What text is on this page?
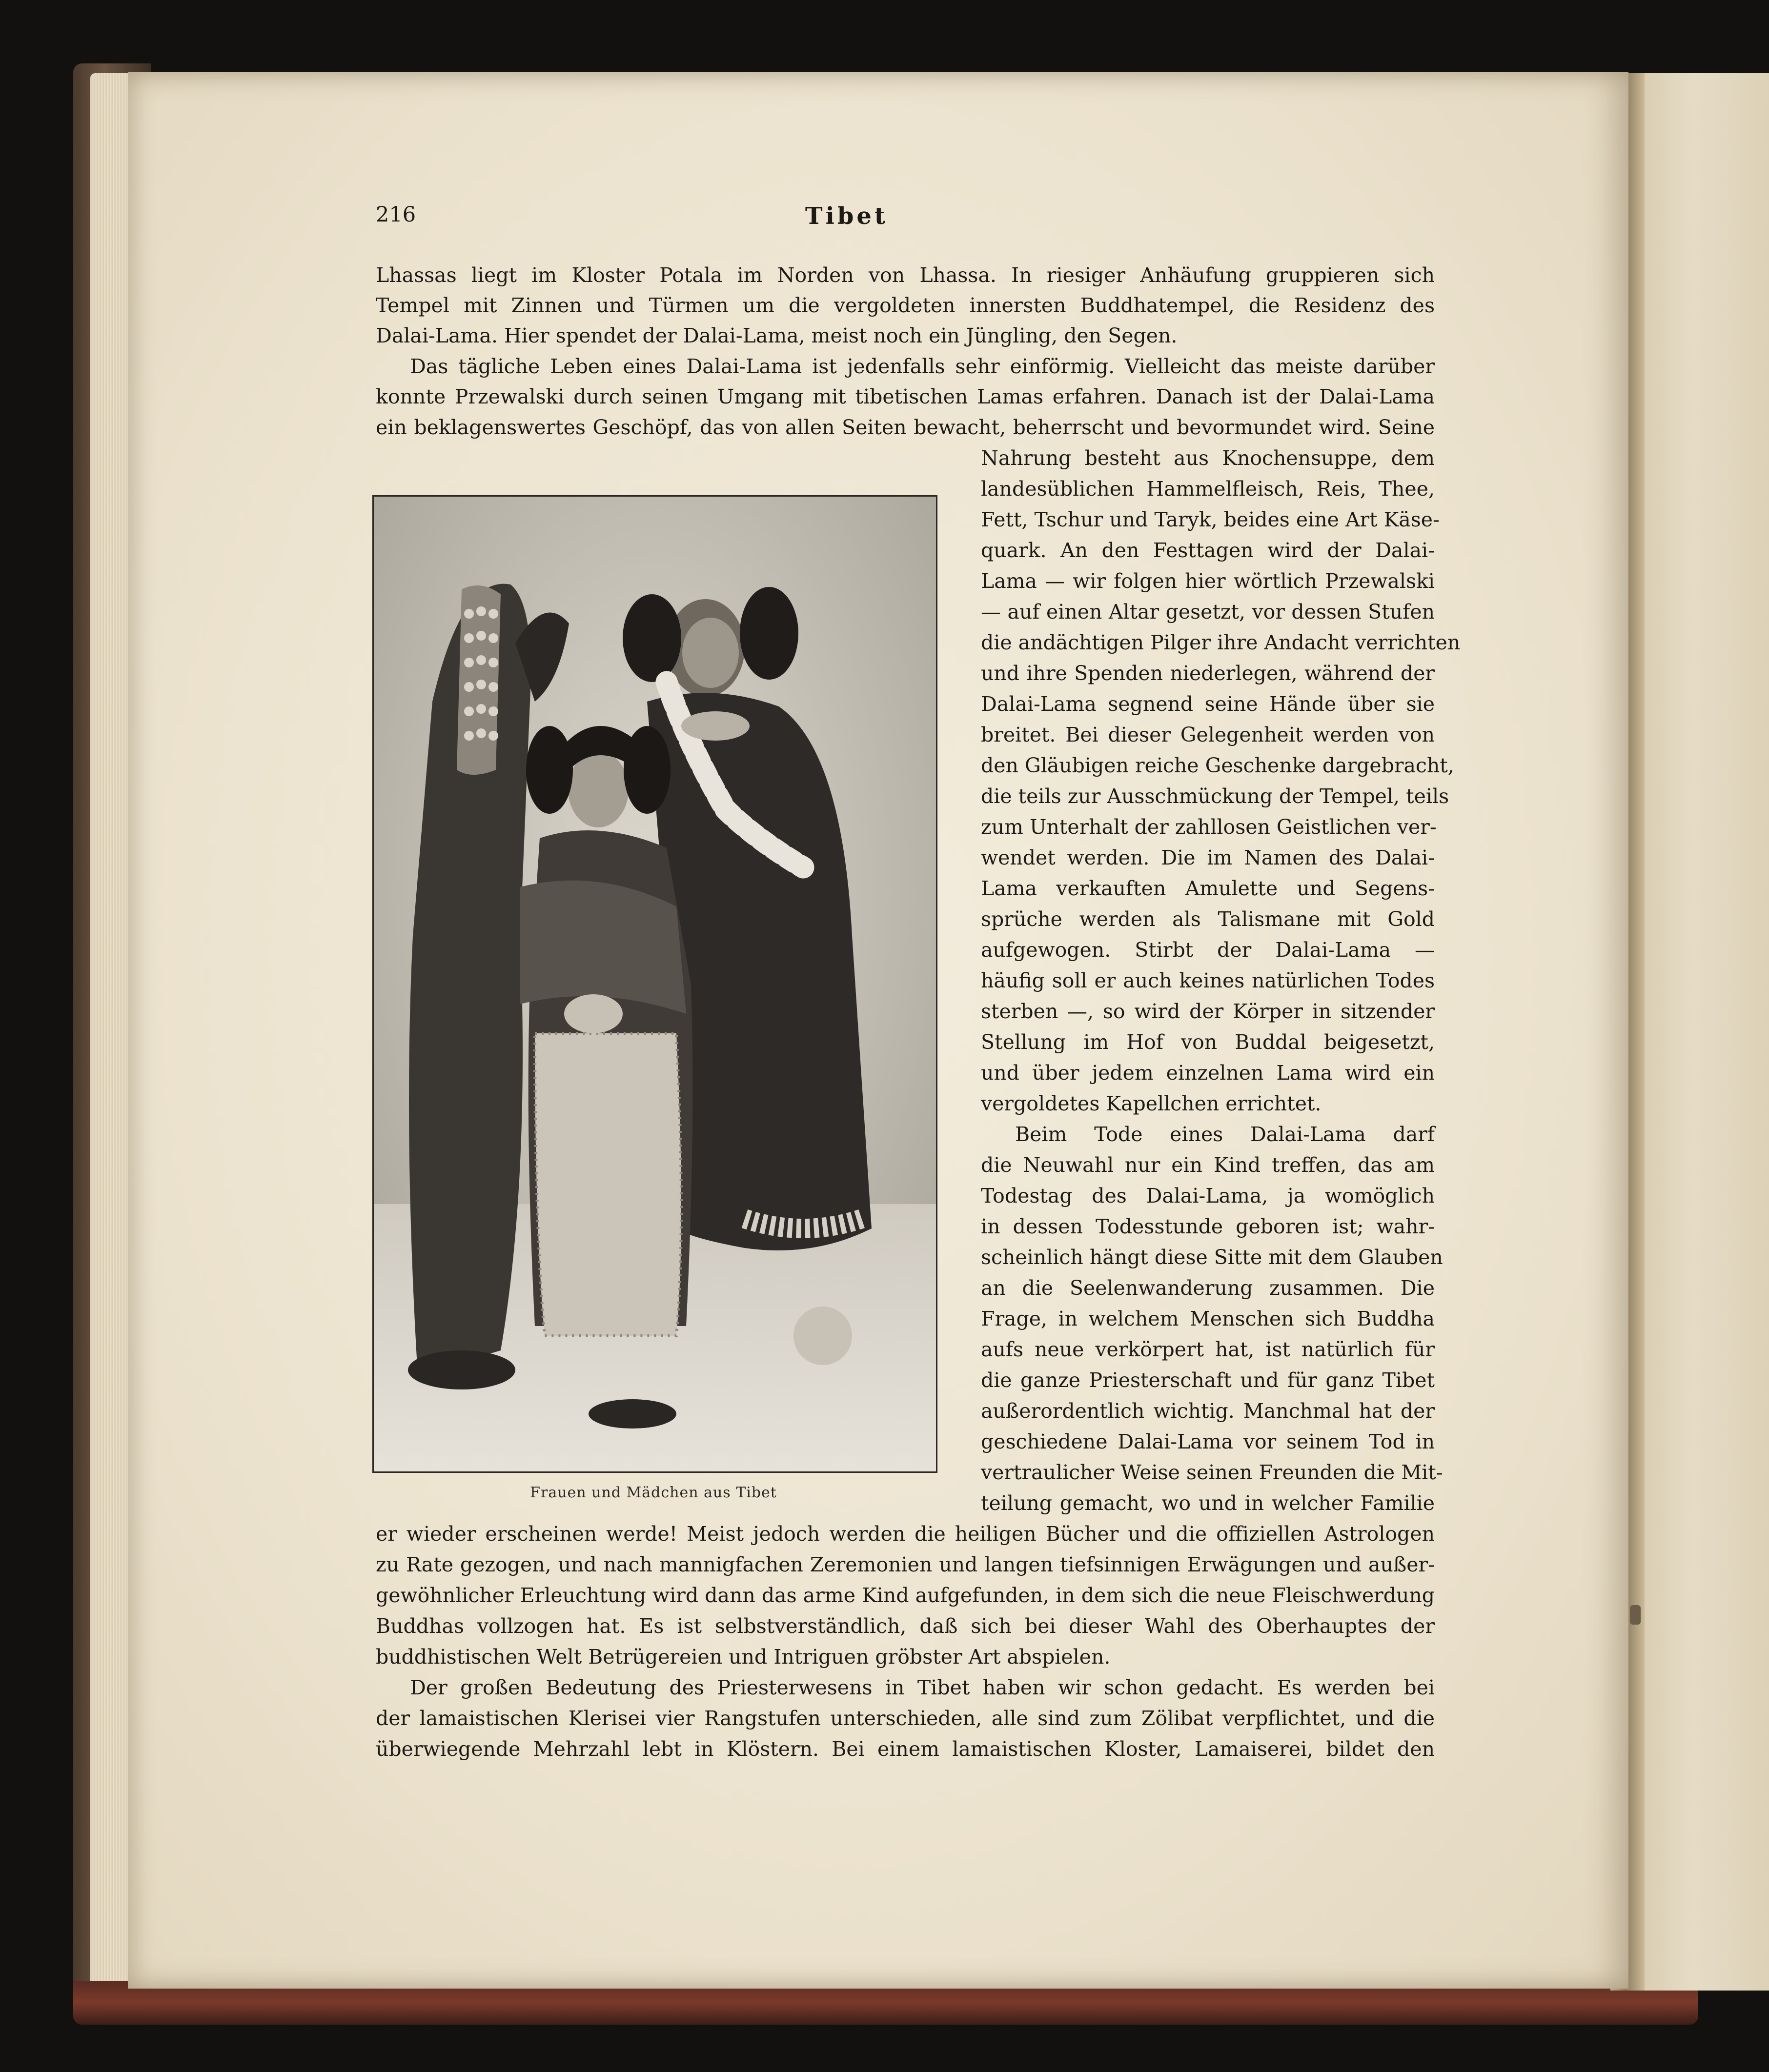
216	Tibet
Lhassas liegt im Kloster Potala im Norden von Lhassa. In riesiger Anhäufung gruppieren sich
Tempel mit Zinnen und Türmen um die vergoldeten innersten Buddhatempel, die Residenz des
Dalai-Lama. Hier spendet der Dalai-Lama, meist noch ein Jüngling, den Segen.
Das tägliche Leben eines Dalai-Lama ist jedenfalls sehr einförmig. Vielleicht das meiste darüber
konnte Przewalski durch seinen Umgang mit tibetischen Lamas erfahren. Danach ist der Dalai-Lama
ein beklagenswertes Geschöpf, das von allen Seiten bewacht, beherrscht und bevormundet wird. Seine
Frauen und Mädchen aus Tibet
Nahrung besteht aus Knochensuppe, dem
landesüblichen Hammelfleisch, Reis, Thee,
Fett, Tschur und Taryk, beides eine Art Käse-
quark. An den Festtagen wird der Dalai-
Lama — wir folgen hier wörtlich Przewalski
— auf einen Altar gesetzt, vor dessen Stufen
die andächtigen Pilger ihre Andacht verrichten
und ihre Spenden niederlegen, während der
Dalai-Lama segnend seine Hände über sie
breitet. Bei dieser Gelegenheit werden von
den Gläubigen reiche Geschenke dargebracht,
die teils zur Ausschmückung der Tempel, teils
zum Unterhalt der zahllosen Geistlichen ver-
wendet werden. Die im Namen des Dalai-
Lama verkauften Amulette und Segens-
sprüche werden als Talismane mit Gold
aufgewogen. Stirbt der Dalai-Lama —
häufig soll er auch keines natürlichen Todes
sterben —, so wird der Körper in sitzender
Stellung im Hof von Buddal beigesetzt,
und über jedem einzelnen Lama wird ein
vergoldetes Kapellchen errichtet.
Beim Tode eines Dalai-Lama darf
die Neuwahl nur ein Kind treffen, das am
Todestag des Dalai-Lama, ja womöglich
in dessen Todesstunde geboren ist; wahr-
scheinlich hängt diese Sitte mit dem Glauben
an die Seelenwanderung zusammen. Die
Frage, in welchem Menschen sich Buddha
aufs neue verkörpert hat, ist natürlich für
die ganze Priesterschaft und für ganz Tibet
außerordentlich wichtig. Manchmal hat der
geschiedene Dalai-Lama vor seinem Tod in
vertraulicher Weise seinen Freunden die Mit-
teilung gemacht, wo und in welcher Familie
er wieder erscheinen werde! Meist jedoch werden die heiligen Bücher und die offiziellen Astrologen
zu Rate gezogen, und nach mannigfachen Zeremonien und langen tiefsinnigen Erwägungen und außer-
gewöhnlicher Erleuchtung wird dann das arme Kind aufgefunden, in dem sich die neue Fleischwerdung
Buddhas vollzogen hat. Es ist selbstverständlich, daß sich bei dieser Wahl des Oberhauptes der
buddhistischen Welt Betrügereien und Intriguen gröbster Art abspielen.
Der großen Bedeutung des Priesterwesens in Tibet haben wir schon gedacht. Es werden bei
der lamaistischen Klerisei vier Rangstufen unterschieden, alle sind zum Zölibat verpflichtet, und die
überwiegende Mehrzahl lebt in Klöstern. Bei einem lamaistischen Kloster, Lamaiserei, bildet den
